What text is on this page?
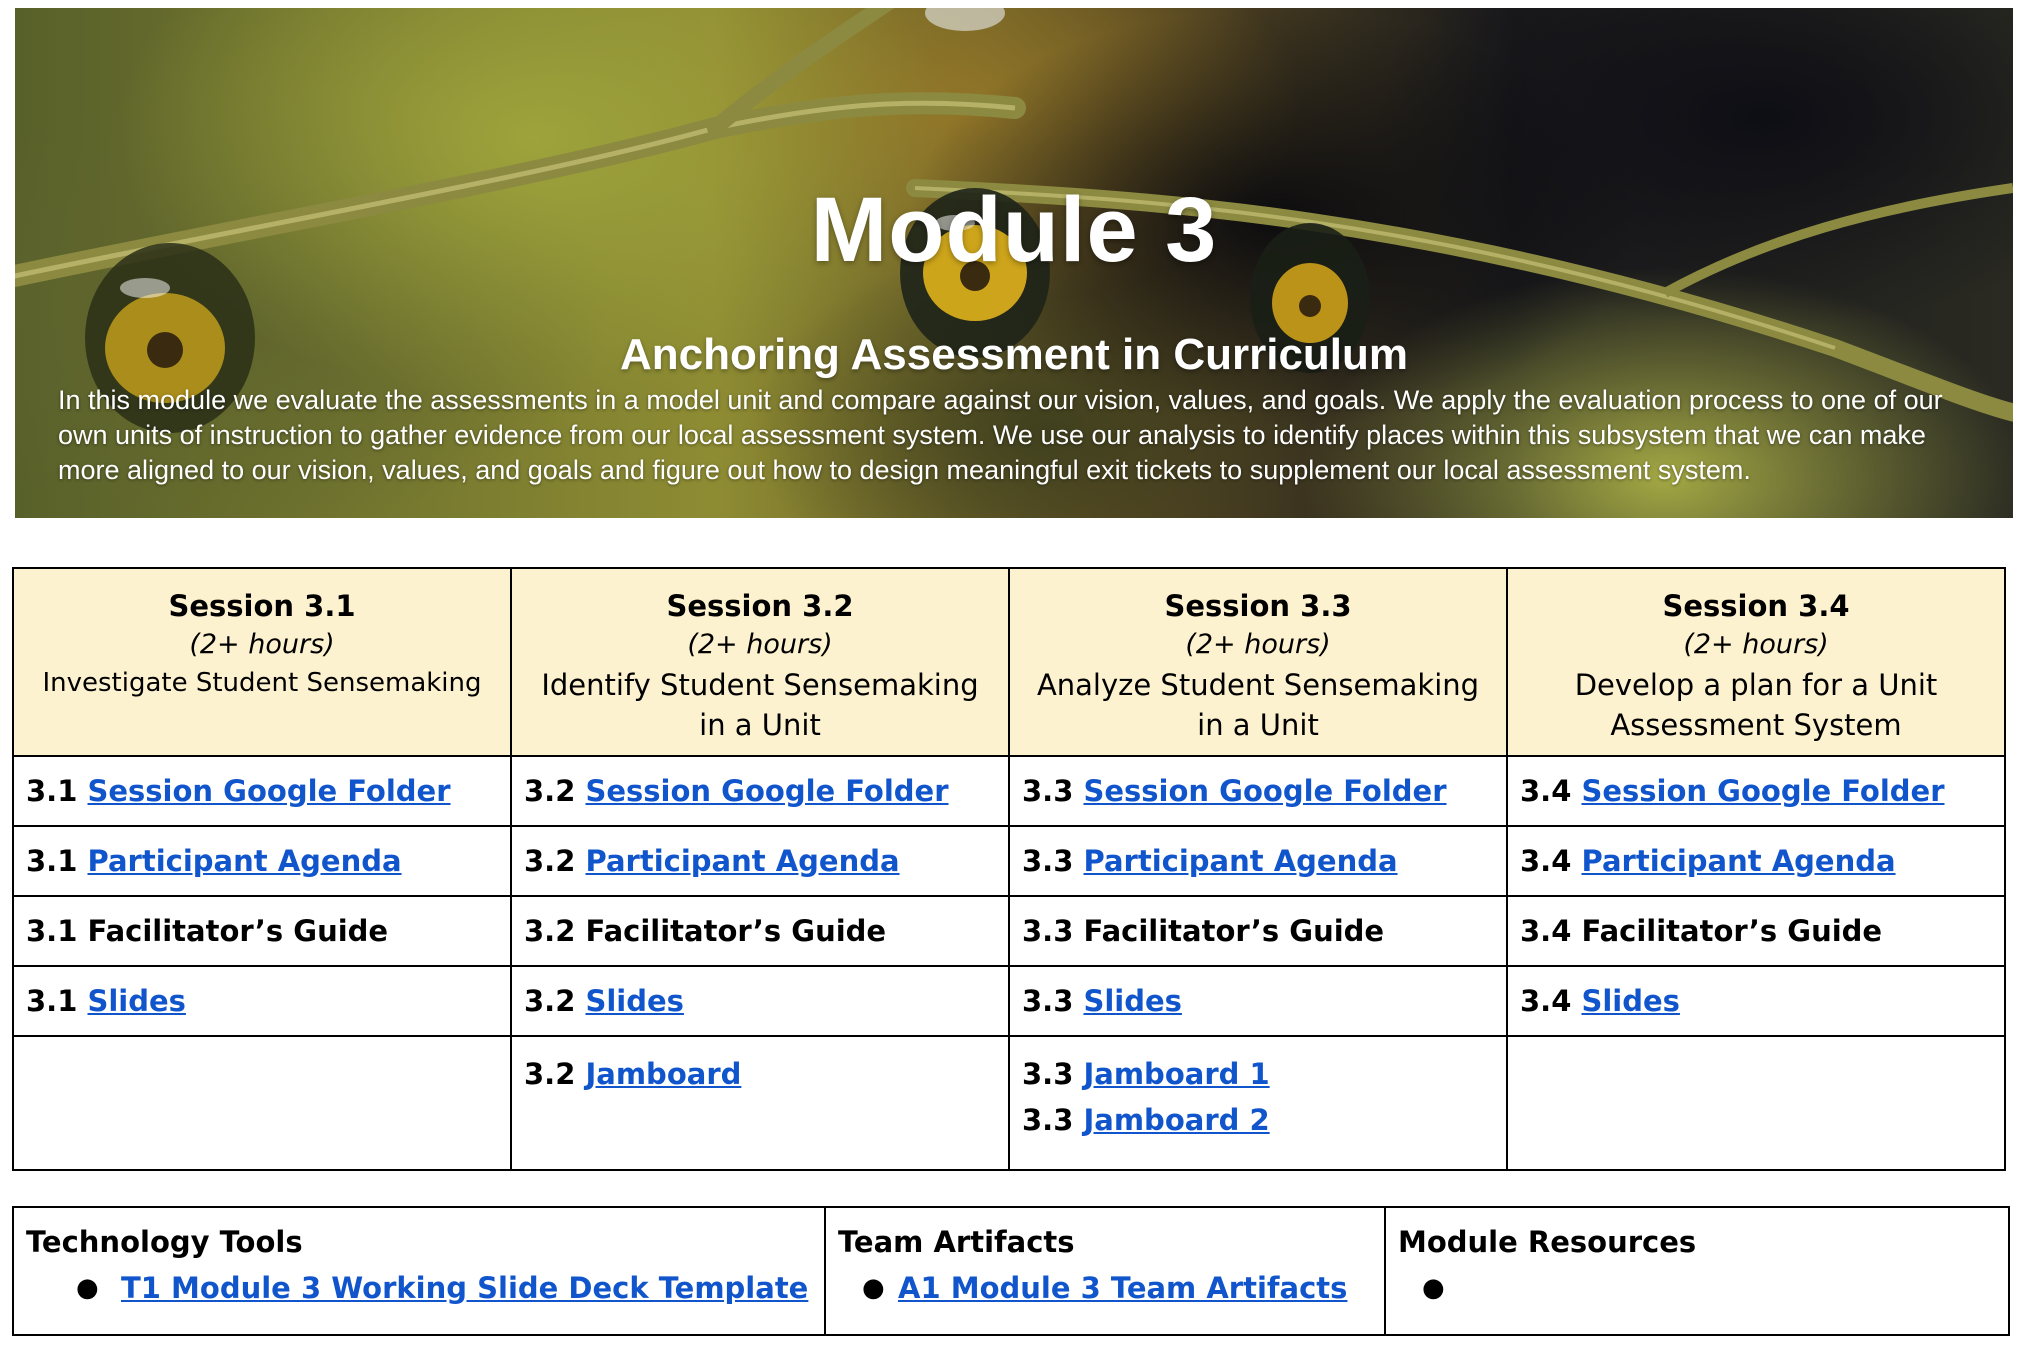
Module 3
Anchoring Assessment in Curriculum

In this module we evaluate the assessments in a model unit and compare against our vision, values, and goals. We apply the evaluation process to one of our own units of instruction to gather evidence from our local assessment system. We use our analysis to identify places within this subsystem that we can make more aligned to our vision, values, and goals and figure out how to design meaningful exit tickets to supplement our local assessment system.

Session 3.1
(2+ hours)
Investigate Student Sensemaking	Session 3.2
(2+ hours)
Identify Student Sensemaking in a Unit	Session 3.3
(2+ hours)
Analyze Student Sensemaking in a Unit	Session 3.4
(2+ hours)
Develop a plan for a Unit Assessment System

3.1 Session Google Folder	3.2 Session Google Folder	3.3 Session Google Folder	3.4 Session Google Folder
3.1 Participant Agenda	3.2 Participant Agenda	3.3 Participant Agenda	3.4 Participant Agenda
3.1 Facilitator’s Guide	3.2 Facilitator’s Guide	3.3 Facilitator’s Guide	3.4 Facilitator’s Guide
3.1 Slides	3.2 Slides	3.3 Slides	3.4 Slides

	3.2 Jamboard	3.3 Jamboard 1
3.3 Jamboard 2	

Technology Tools
● T1 Module 3 Working Slide Deck Template

Team Artifacts
● A1 Module 3 Team Artifacts

Module Resources
●
